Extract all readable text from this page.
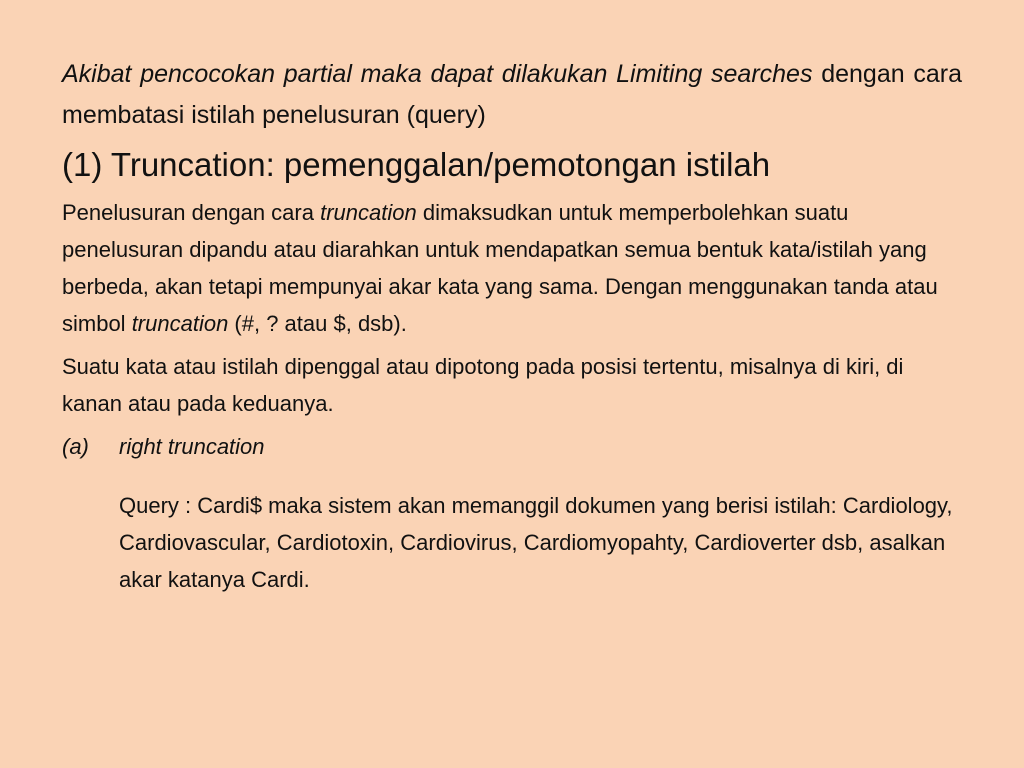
Akibat pencocokan partial maka dapat dilakukan Limiting searches dengan cara membatasi istilah penelusuran (query)

(1) Truncation: pemenggalan/pemotongan istilah

Penelusuran dengan cara truncation dimaksudkan untuk memperbolehkan suatu penelusuran dipandu atau diarahkan untuk mendapatkan semua bentuk kata/istilah yang berbeda, akan tetapi mempunyai akar kata yang sama. Dengan menggunakan tanda atau simbol truncation (#, ? atau $, dsb).

Suatu kata atau istilah dipenggal atau dipotong pada posisi tertentu, misalnya di kiri, di kanan atau pada keduanya.

(a)	right truncation

Query : Cardi$ maka sistem akan memanggil dokumen yang berisi istilah: Cardiology, Cardiovascular, Cardiotoxin, Cardiovirus, Cardiomyopahty, Cardioverter dsb, asalkan akar katanya Cardi.
